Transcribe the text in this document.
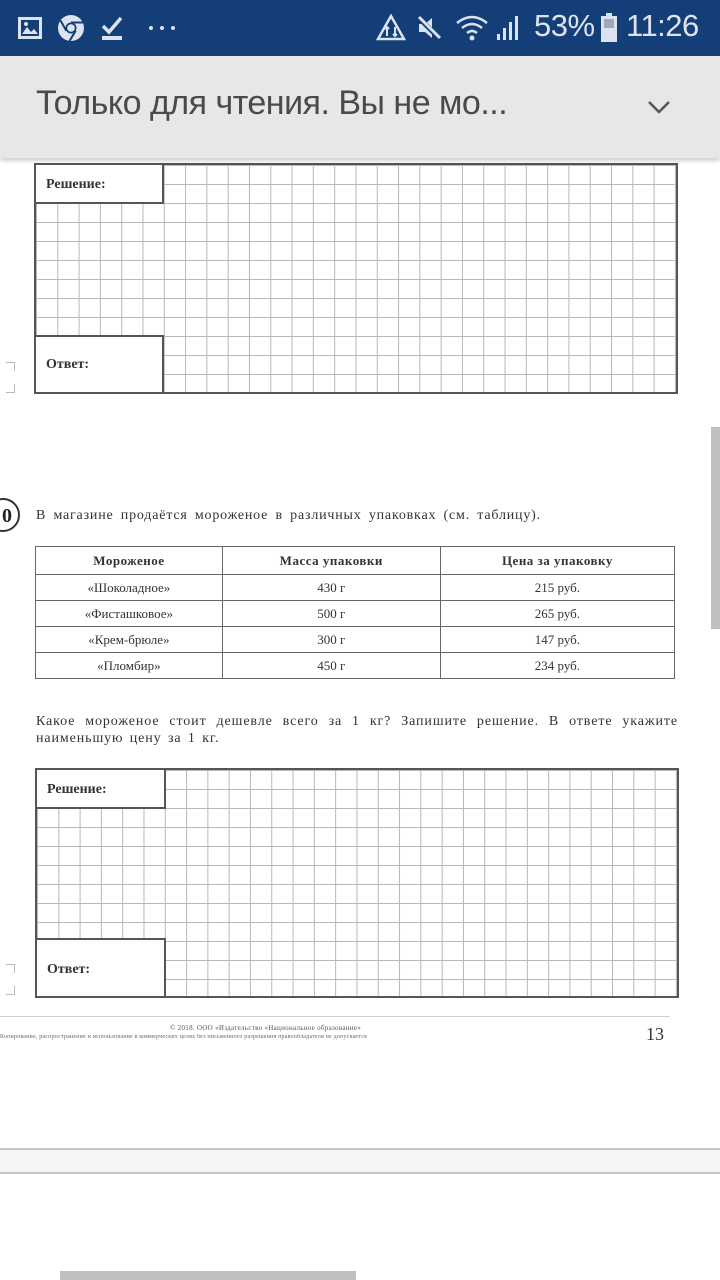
53% 11:26
Только для чтения. Вы не мо...
Решение:
Ответ:
0	В магазине продаётся мороженое в различных упаковках (см. таблицу).
Мороженое	Масса упаковки	Цена за упаковку
«Шоколадное»	430 г	215 руб.
«Фисташковое»	500 г	265 руб.
«Крем-брюле»	300 г	147 руб.
«Пломбир»	450 г	234 руб.
Какое мороженое стоит дешевле всего за 1 кг? Запишите решение. В ответе укажите наименьшую цену за 1 кг.
Решение:
Ответ:
© 2018. ООО «Издательство «Национальное образование»
Копирование, распространение и использование в коммерческих целях без письменного разрешения правообладателя не допускается	13
